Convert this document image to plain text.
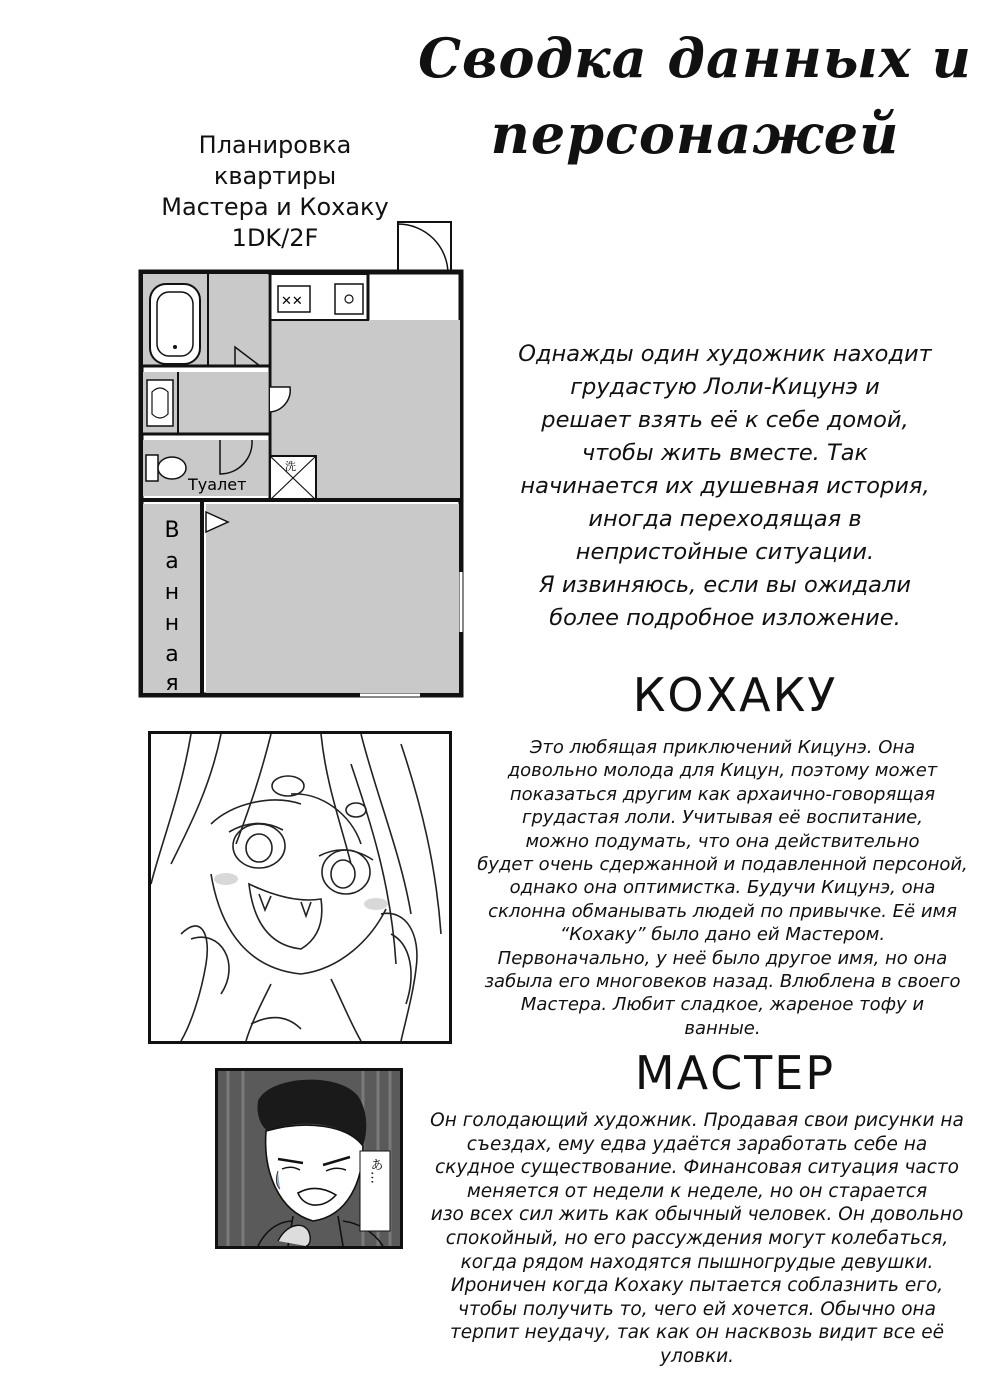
Сводка данных и
персонажей
Планировка
квартиры
Мастера и Кохаку
1DK/2F
✕✕
Туалет
洗
В
а
н
н
а
я
Однажды один художник находит
грудастую Лоли-Кицунэ и
решает взять её к себе домой,
чтобы жить вместе. Так
начинается их душевная история,
иногда переходящая в
непристойные ситуации.
Я извиняюсь, если вы ожидали
более подробное изложение.
КОХАКУ
Это любящая приключений Кицунэ. Она
довольно молода для Кицун, поэтому может
показаться другим как архаично-говорящая
грудастая лоли. Учитывая её воспитание,
можно подумать, что она действительно
будет очень сдержанной и подавленной персоной,
однако она оптимистка. Будучи Кицунэ, она
склонна обманывать людей по привычке. Её имя
“Кохаку” было дано ей Мастером.
Первоначально, у неё было другое имя, но она
забыла его многовеков назад. Влюблена в своего
Мастера. Любит сладкое, жареное тофу и
ванные.
МАСТЕР
あ…
Он голодающий художник. Продавая свои рисунки на
съездах, ему едва удаётся заработать себе на
скудное существование. Финансовая ситуация часто
меняется от недели к неделе, но он старается
изо всех сил жить как обычный человек. Он довольно
спокойный, но его рассуждения могут колебаться,
когда рядом находятся пышногрудые девушки.
Ироничен когда Кохаку пытается соблазнить его,
чтобы получить то, чего ей хочется. Обычно она
терпит неудачу, так как он насквозь видит все её
уловки.
